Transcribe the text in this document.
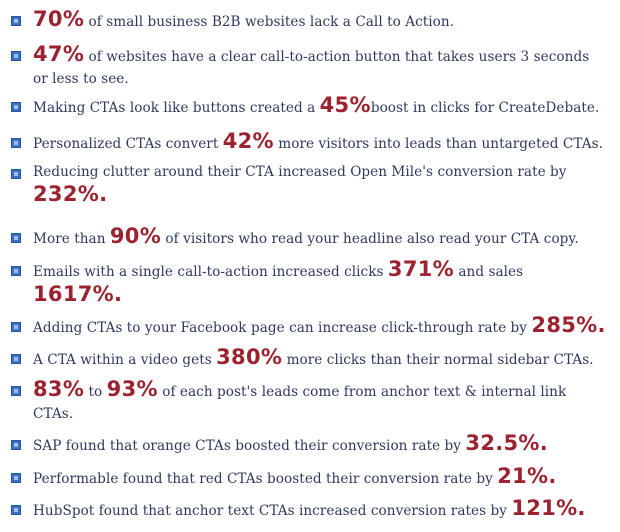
70% of small business B2B websites lack a Call to Action.
47% of websites have a clear call-to-action button that takes users 3 seconds or less to see.
Making CTAs look like buttons created a 45%boost in clicks for CreateDebate.
Personalized CTAs convert 42% more visitors into leads than untargeted CTAs.
Reducing clutter around their CTA increased Open Mile's conversion rate by 232%.
More than 90% of visitors who read your headline also read your CTA copy.
Emails with a single call-to-action increased clicks 371% and sales 1617%.
Adding CTAs to your Facebook page can increase click-through rate by 285%.
A CTA within a video gets 380% more clicks than their normal sidebar CTAs.
83% to 93% of each post's leads come from anchor text & internal link CTAs.
SAP found that orange CTAs boosted their conversion rate by 32.5%.
Performable found that red CTAs boosted their conversion rate by 21%.
HubSpot found that anchor text CTAs increased conversion rates by 121%.
